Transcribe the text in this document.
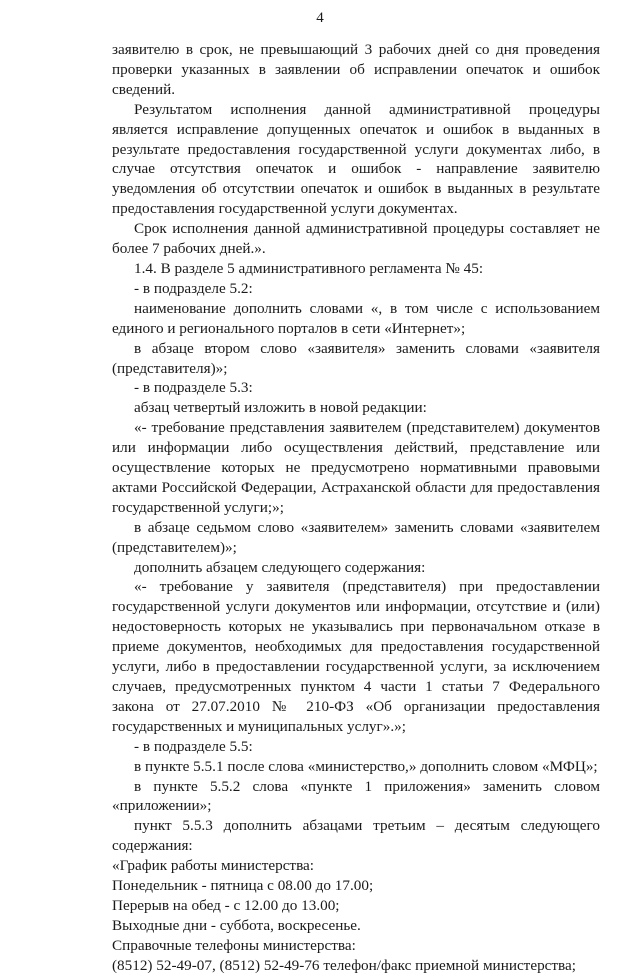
4

заявителю в срок, не превышающий 3 рабочих дней со дня проведения проверки указанных в заявлении об исправлении опечаток и ошибок сведений.

Результатом исполнения данной административной процедуры является исправление допущенных опечаток и ошибок в выданных в результате предоставления государственной услуги документах либо, в случае отсутствия опечаток и ошибок - направление заявителю уведомления об отсутствии опечаток и ошибок в выданных в результате предоставления государственной услуги документах.

Срок исполнения данной административной процедуры составляет не более 7 рабочих дней.».

1.4. В разделе 5 административного регламента № 45:

- в подразделе 5.2:

наименование дополнить словами «, в том числе с использованием единого и регионального порталов в сети «Интернет»;

в абзаце втором слово «заявителя» заменить словами «заявителя (представителя)»;

- в подразделе 5.3:

абзац четвертый изложить в новой редакции:

«- требование представления заявителем (представителем) документов или информации либо осуществления действий, представление или осуществление которых не предусмотрено нормативными правовыми актами Российской Федерации, Астраханской области для предоставления государственной услуги;»;

в абзаце седьмом слово «заявителем» заменить словами «заявителем (представителем)»;

дополнить абзацем следующего содержания:

«- требование у заявителя (представителя) при предоставлении государственной услуги документов или информации, отсутствие и (или) недостоверность которых не указывались при первоначальном отказе в приеме документов, необходимых для предоставления государственной услуги, либо в предоставлении государственной услуги, за исключением случаев, предусмотренных пунктом 4 части 1 статьи 7 Федерального закона от 27.07.2010 № 210-ФЗ «Об организации предоставления государственных и муниципальных услуг».»;

- в подразделе 5.5:

в пункте 5.5.1 после слова «министерство,» дополнить словом «МФЦ»;

в пункте 5.5.2 слова «пункте 1 приложения» заменить словом «приложении»;

пункт 5.5.3 дополнить абзацами третьим – десятым следующего содержания:

«График работы министерства:

Понедельник - пятница с 08.00 до 17.00;

Перерыв на обед - с 12.00 до 13.00;

Выходные дни - суббота, воскресенье.

Справочные телефоны министерства:

(8512) 52-49-07, (8512) 52-49-76 телефон/факс приемной министерства;
